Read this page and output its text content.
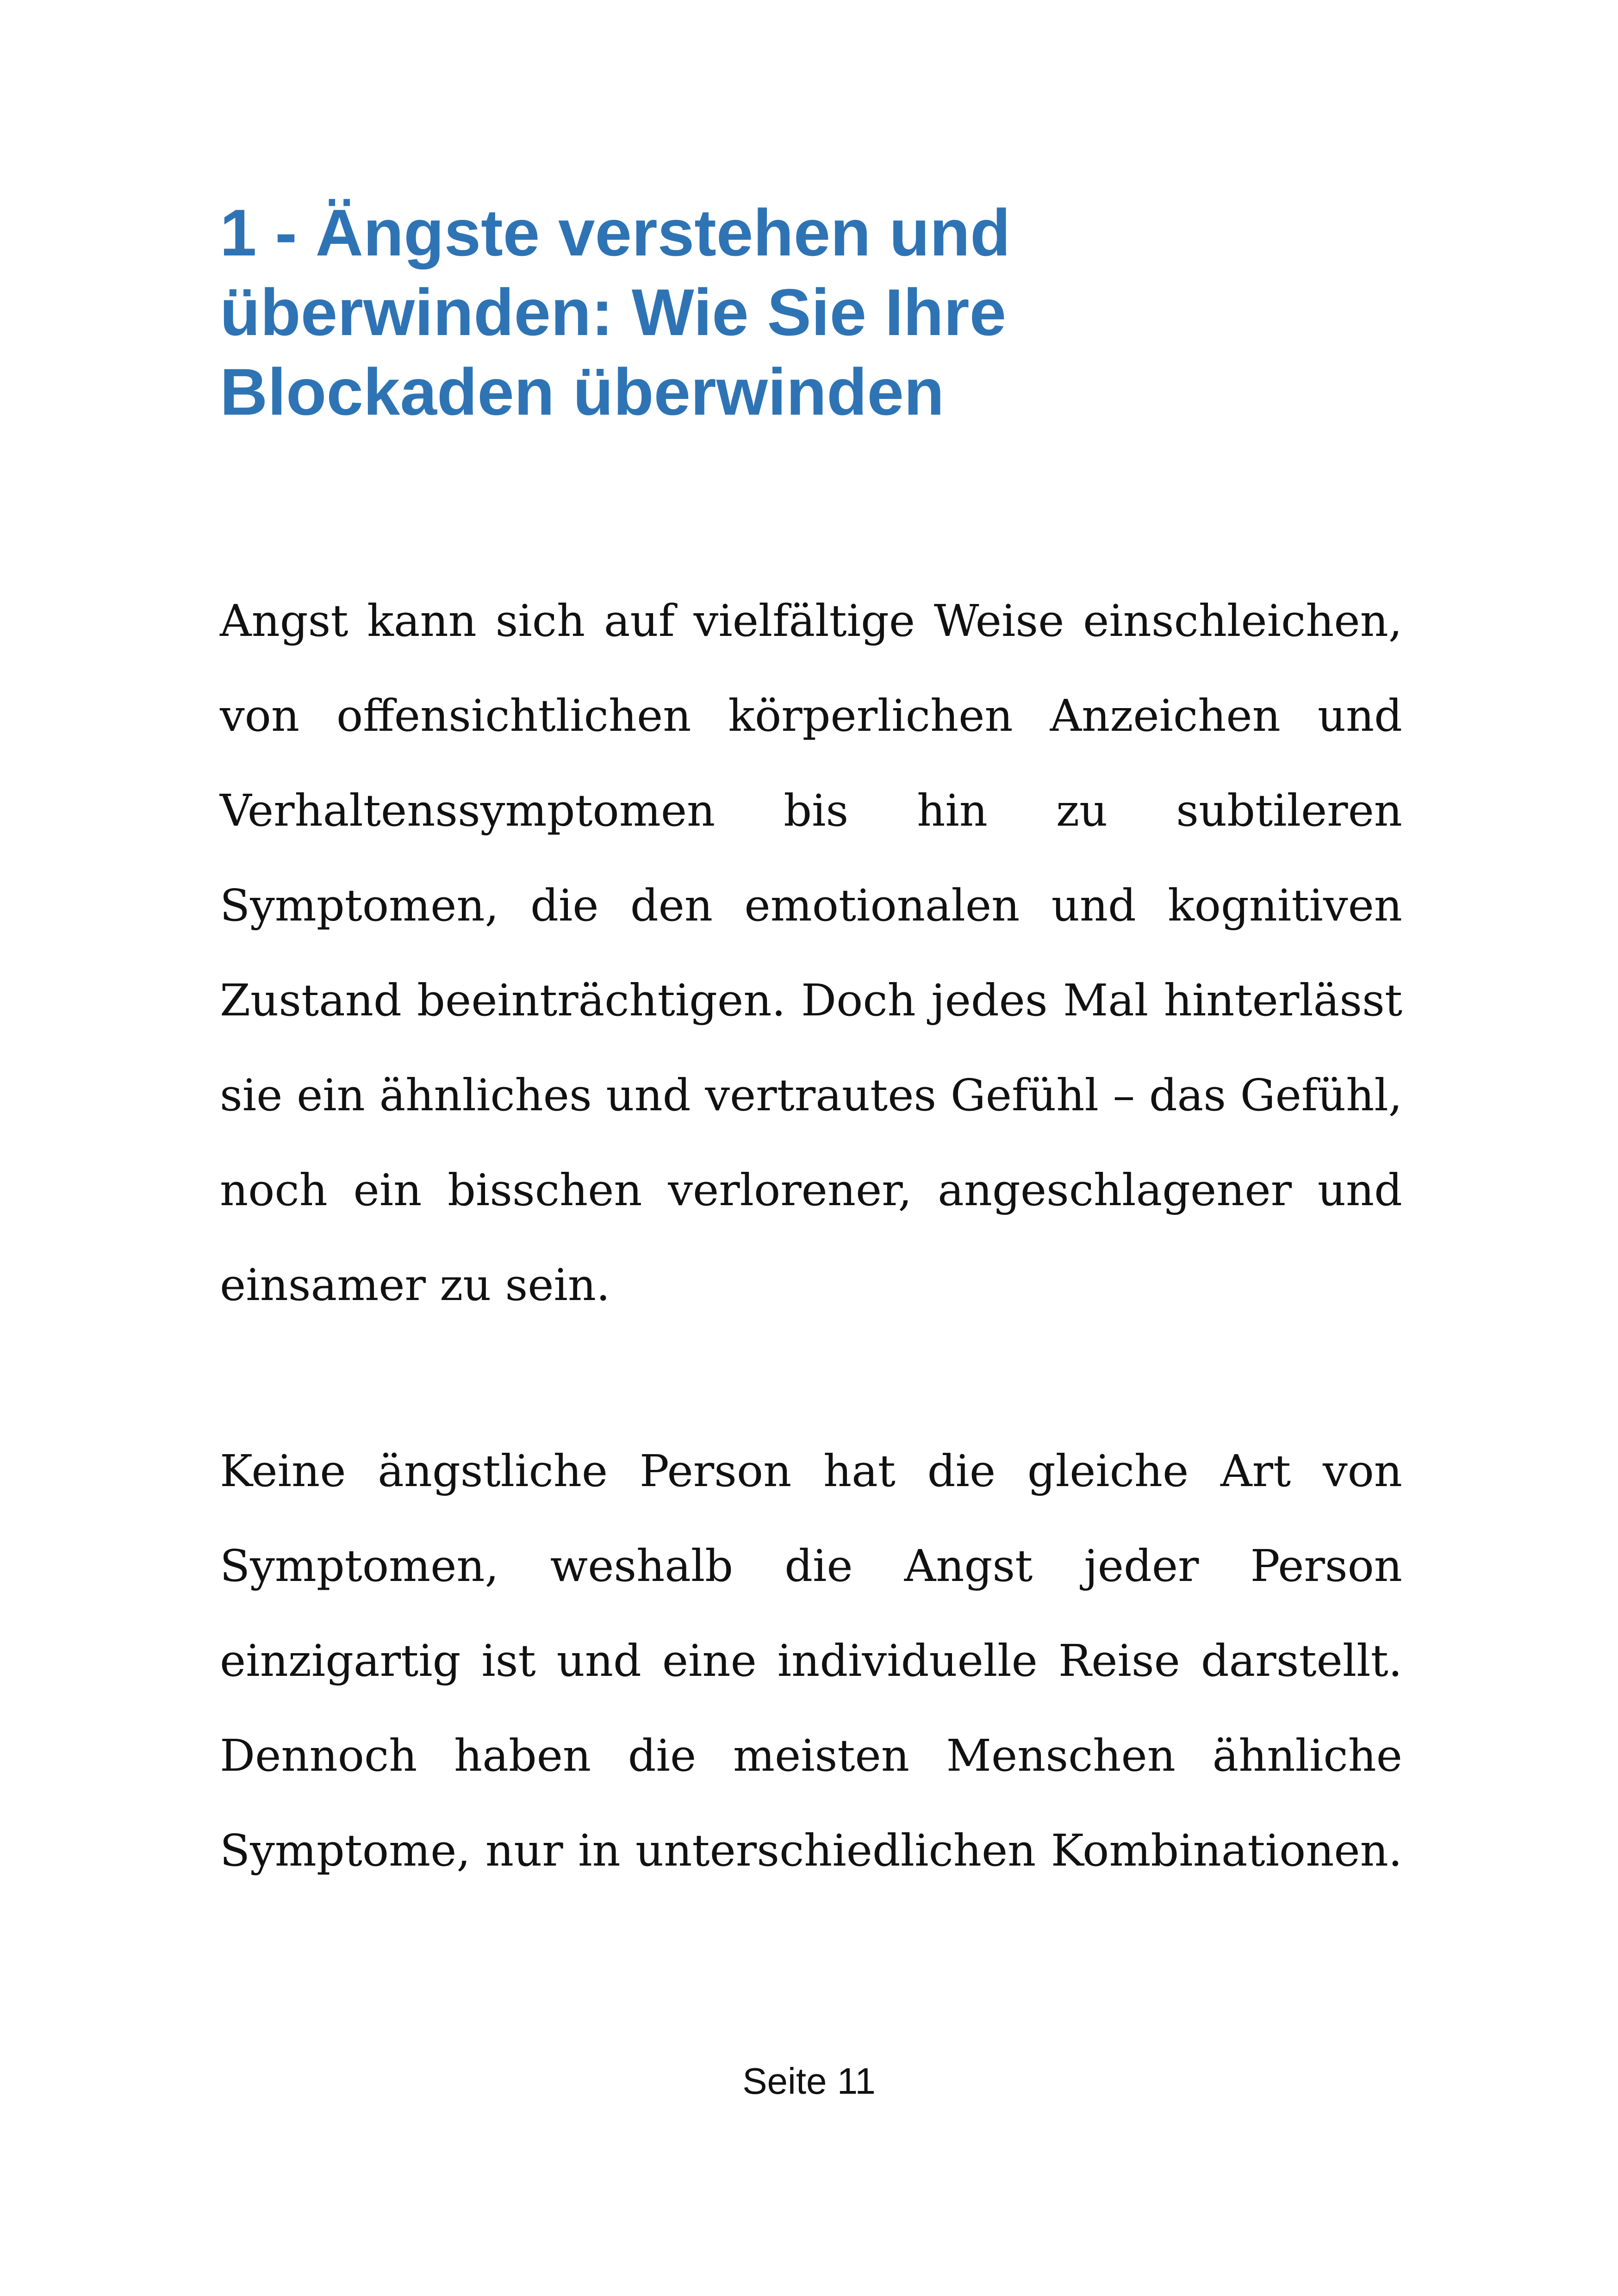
1 - Ängste verstehen und
überwinden: Wie Sie Ihre
Blockaden überwinden
Angst kann sich auf vielfältige Weise einschleichen,
von offensichtlichen körperlichen Anzeichen und
Verhaltenssymptomen bis hin zu subtileren
Symptomen, die den emotionalen und kognitiven
Zustand beeinträchtigen. Doch jedes Mal hinterlässt
sie ein ähnliches und vertrautes Gefühl – das Gefühl,
noch ein bisschen verlorener, angeschlagener und
einsamer zu sein.
Keine ängstliche Person hat die gleiche Art von
Symptomen, weshalb die Angst jeder Person
einzigartig ist und eine individuelle Reise darstellt.
Dennoch haben die meisten Menschen ähnliche
Symptome, nur in unterschiedlichen Kombinationen.

Seite 11
